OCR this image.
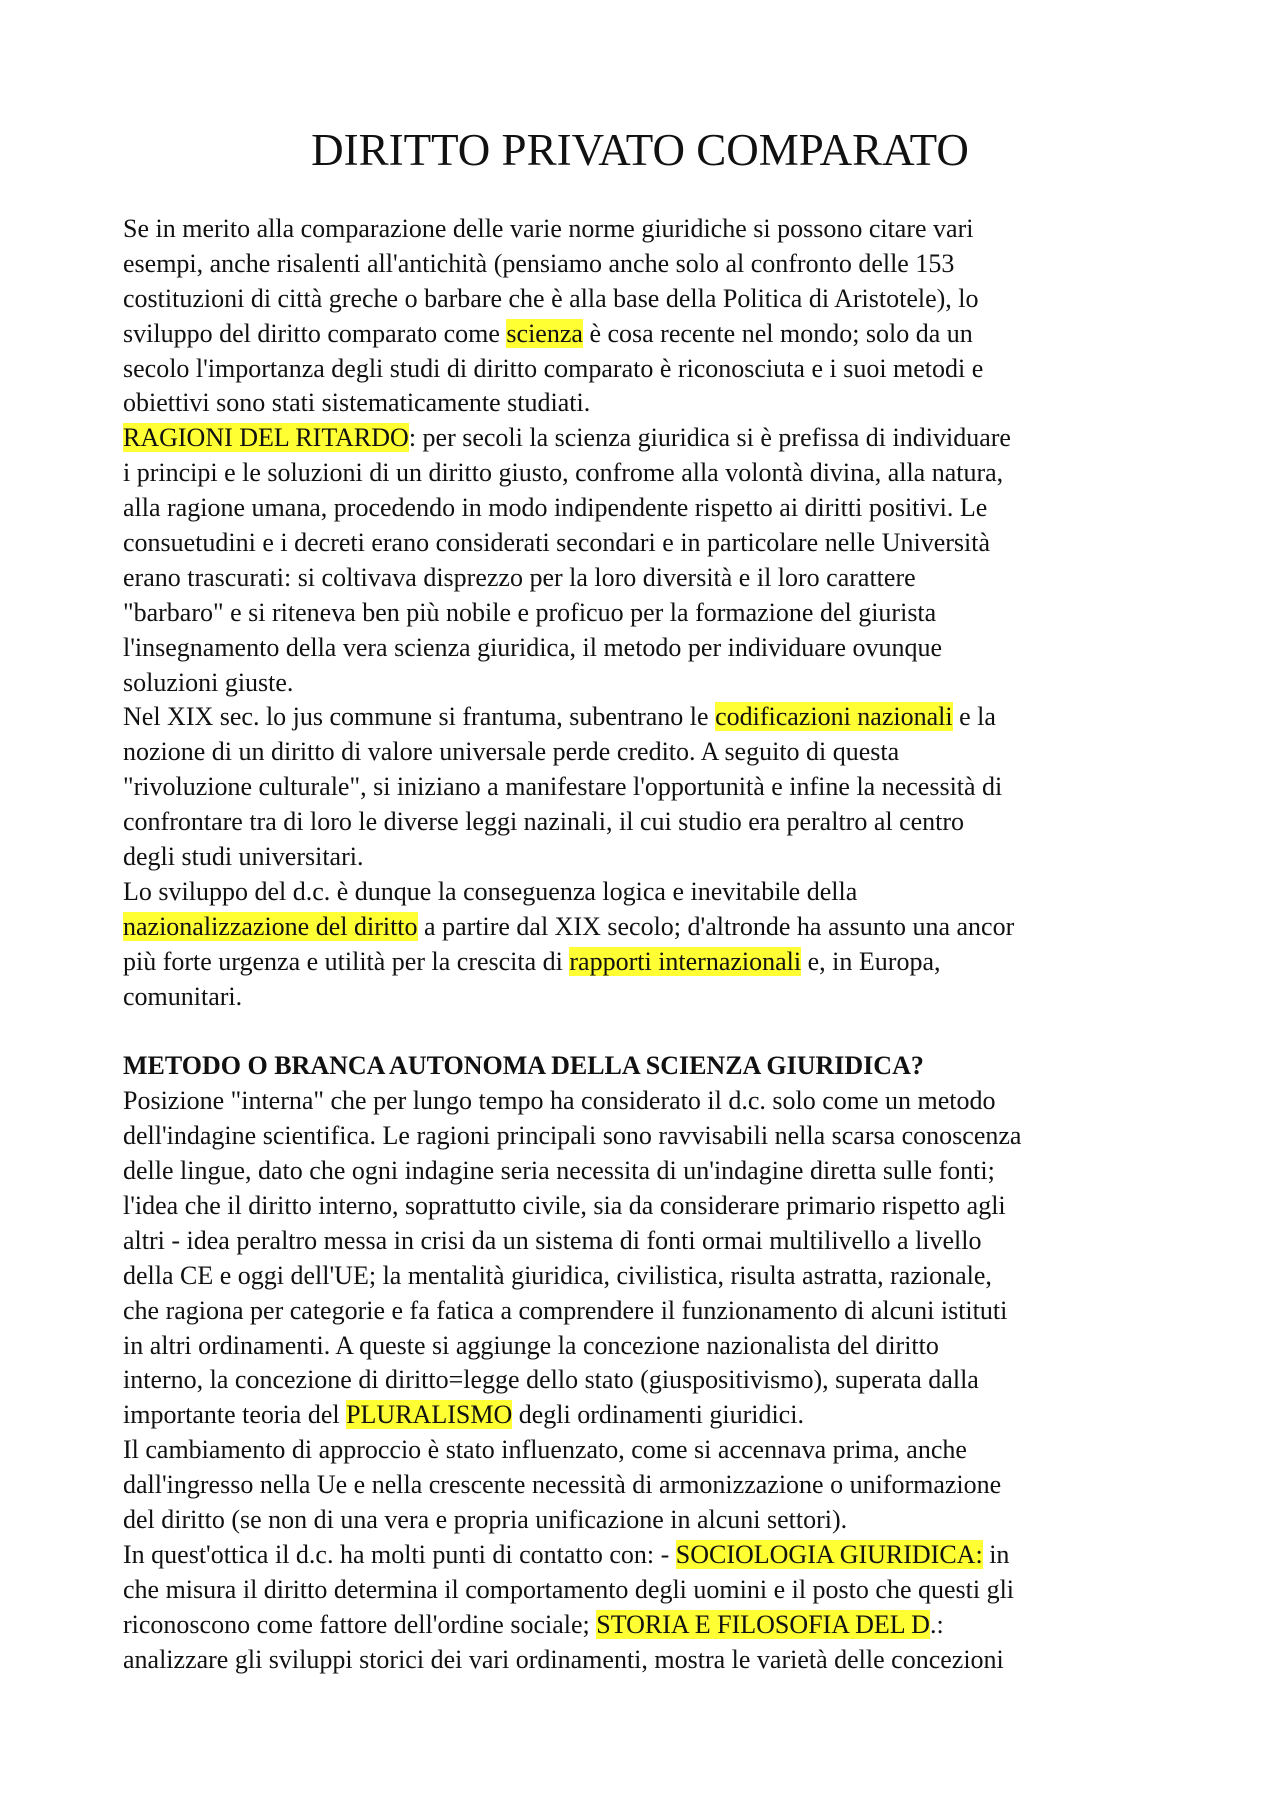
DIRITTO PRIVATO COMPARATO
Se in merito alla comparazione delle varie norme giuridiche si possono citare vari
esempi, anche risalenti all'antichità (pensiamo anche solo al confronto delle 153
costituzioni di città greche o barbare che è alla base della Politica di Aristotele), lo
sviluppo del diritto comparato come scienza è cosa recente nel mondo; solo da un
secolo l'importanza degli studi di diritto comparato è riconosciuta e i suoi metodi e
obiettivi sono stati sistematicamente studiati.
RAGIONI DEL RITARDO: per secoli la scienza giuridica si è prefissa di individuare
i principi e le soluzioni di un diritto giusto, confrome alla volontà divina, alla natura,
alla ragione umana, procedendo in modo indipendente rispetto ai diritti positivi. Le
consuetudini e i decreti erano considerati secondari e in particolare nelle Università
erano trascurati: si coltivava disprezzo per la loro diversità e il loro carattere
"barbaro" e si riteneva ben più nobile e proficuo per la formazione del giurista
l'insegnamento della vera scienza giuridica, il metodo per individuare ovunque
soluzioni giuste.
Nel XIX sec. lo jus commune si frantuma, subentrano le codificazioni nazionali e la
nozione di un diritto di valore universale perde credito. A seguito di questa
"rivoluzione culturale", si iniziano a manifestare l'opportunità e infine la necessità di
confrontare tra di loro le diverse leggi nazinali, il cui studio era peraltro al centro
degli studi universitari.
Lo sviluppo del d.c. è dunque la conseguenza logica e inevitabile della
nazionalizzazione del diritto a partire dal XIX secolo; d'altronde ha assunto una ancor
più forte urgenza e utilità per la crescita di rapporti internazionali e, in Europa,
comunitari.
METODO O BRANCA AUTONOMA DELLA SCIENZA GIURIDICA?
Posizione "interna" che per lungo tempo ha considerato il d.c. solo come un metodo
dell'indagine scientifica. Le ragioni principali sono ravvisabili nella scarsa conoscenza
delle lingue, dato che ogni indagine seria necessita di un'indagine diretta sulle fonti;
l'idea che il diritto interno, soprattutto civile, sia da considerare primario rispetto agli
altri - idea peraltro messa in crisi da un sistema di fonti ormai multilivello a livello
della CE e oggi dell'UE; la mentalità giuridica, civilistica, risulta astratta, razionale,
che ragiona per categorie e fa fatica a comprendere il funzionamento di alcuni istituti
in altri ordinamenti. A queste si aggiunge la concezione nazionalista del diritto
interno, la concezione di diritto=legge dello stato (giuspositivismo), superata dalla
importante teoria del PLURALISMO degli ordinamenti giuridici.
Il cambiamento di approccio è stato influenzato, come si accennava prima, anche
dall'ingresso nella Ue e nella crescente necessità di armonizzazione o uniformazione
del diritto (se non di una vera e propria unificazione in alcuni settori).
In quest'ottica il d.c. ha molti punti di contatto con: - SOCIOLOGIA GIURIDICA: in
che misura il diritto determina il comportamento degli uomini e il posto che questi gli
riconoscono come fattore dell'ordine sociale; STORIA E FILOSOFIA DEL D.:
analizzare gli sviluppi storici dei vari ordinamenti, mostra le varietà delle concezioni
